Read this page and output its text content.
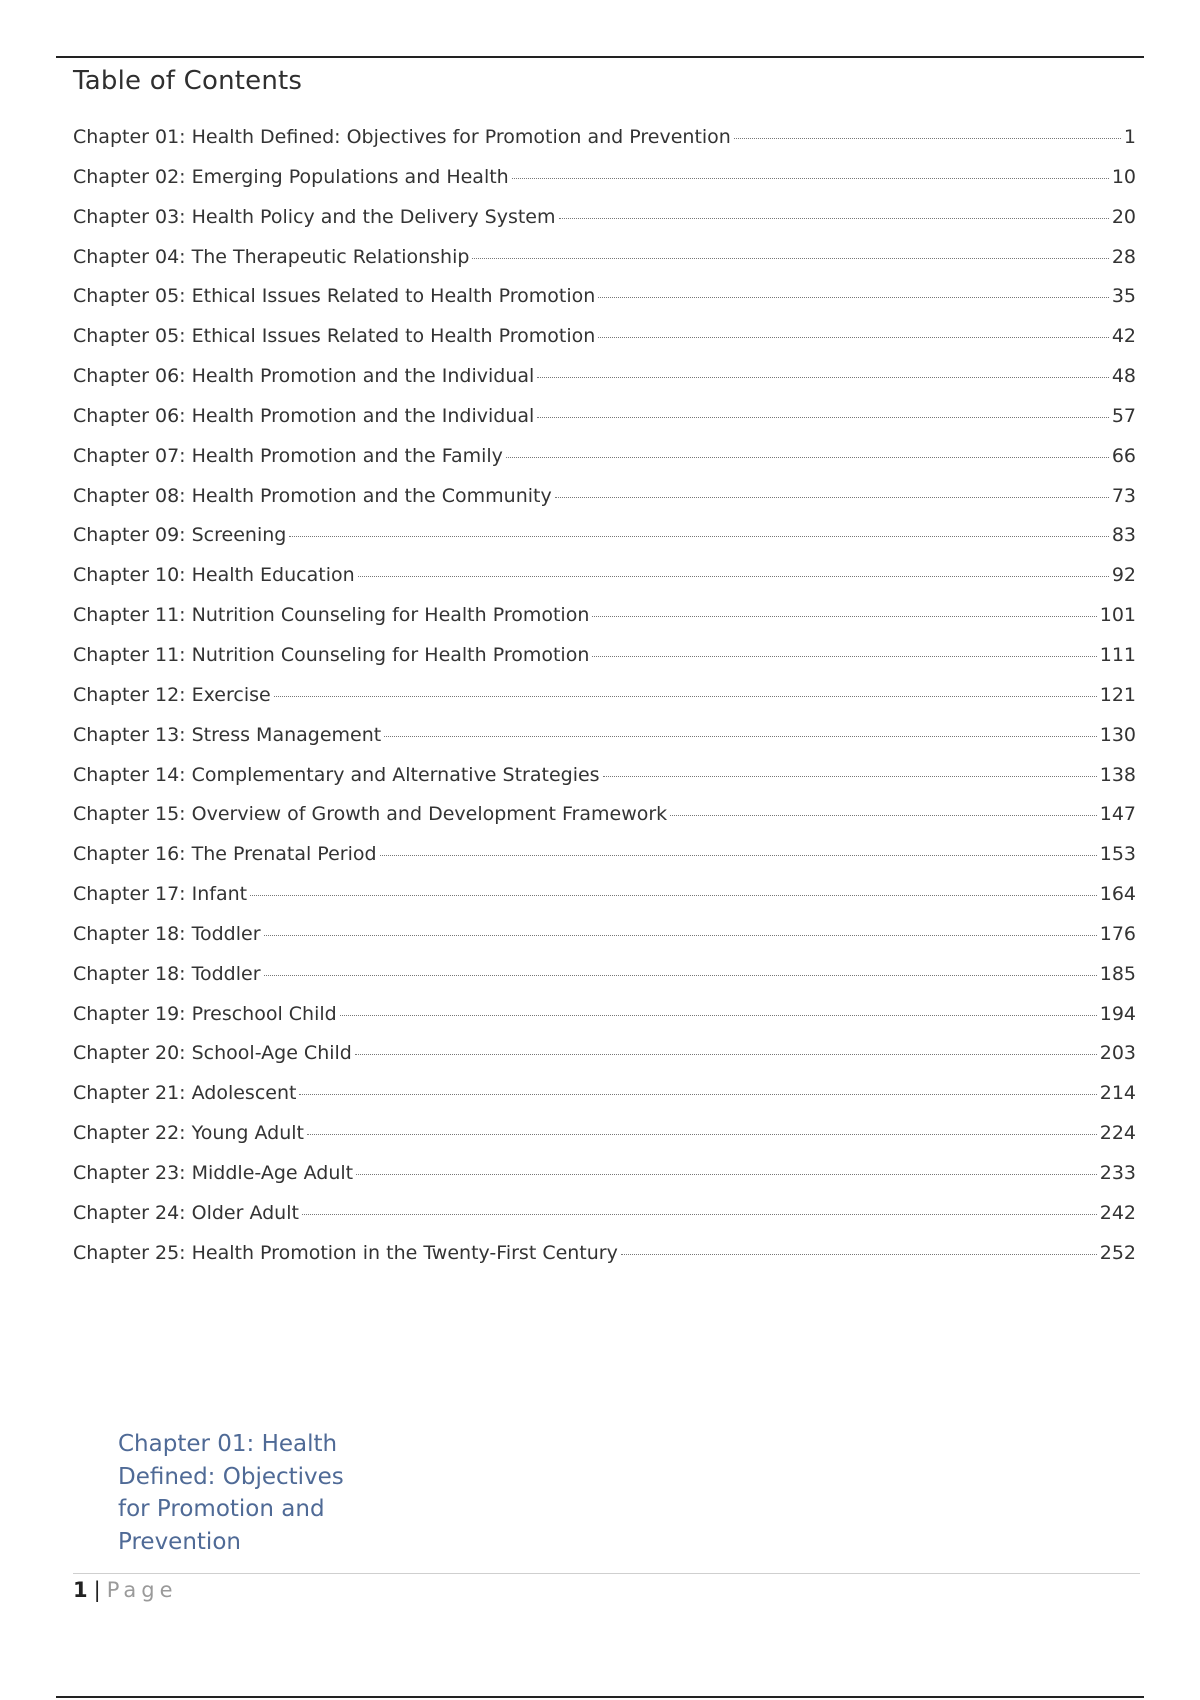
Table of Contents
Chapter 01: Health Defined: Objectives for Promotion and Prevention	1
Chapter 02: Emerging Populations and Health	10
Chapter 03: Health Policy and the Delivery System	20
Chapter 04: The Therapeutic Relationship	28
Chapter 05: Ethical Issues Related to Health Promotion	35
Chapter 05: Ethical Issues Related to Health Promotion	42
Chapter 06: Health Promotion and the Individual	48
Chapter 06: Health Promotion and the Individual	57
Chapter 07: Health Promotion and the Family	66
Chapter 08: Health Promotion and the Community	73
Chapter 09: Screening	83
Chapter 10: Health Education	92
Chapter 11: Nutrition Counseling for Health Promotion	101
Chapter 11: Nutrition Counseling for Health Promotion	111
Chapter 12: Exercise	121
Chapter 13: Stress Management	130
Chapter 14: Complementary and Alternative Strategies	138
Chapter 15: Overview of Growth and Development Framework	147
Chapter 16: The Prenatal Period	153
Chapter 17: Infant	164
Chapter 18: Toddler	176
Chapter 18: Toddler	185
Chapter 19: Preschool Child	194
Chapter 20: School-Age Child	203
Chapter 21: Adolescent	214
Chapter 22: Young Adult	224
Chapter 23: Middle-Age Adult	233
Chapter 24: Older Adult	242
Chapter 25: Health Promotion in the Twenty-First Century	252
Chapter 01: Health Defined: Objectives for Promotion and Prevention
1 | Page
